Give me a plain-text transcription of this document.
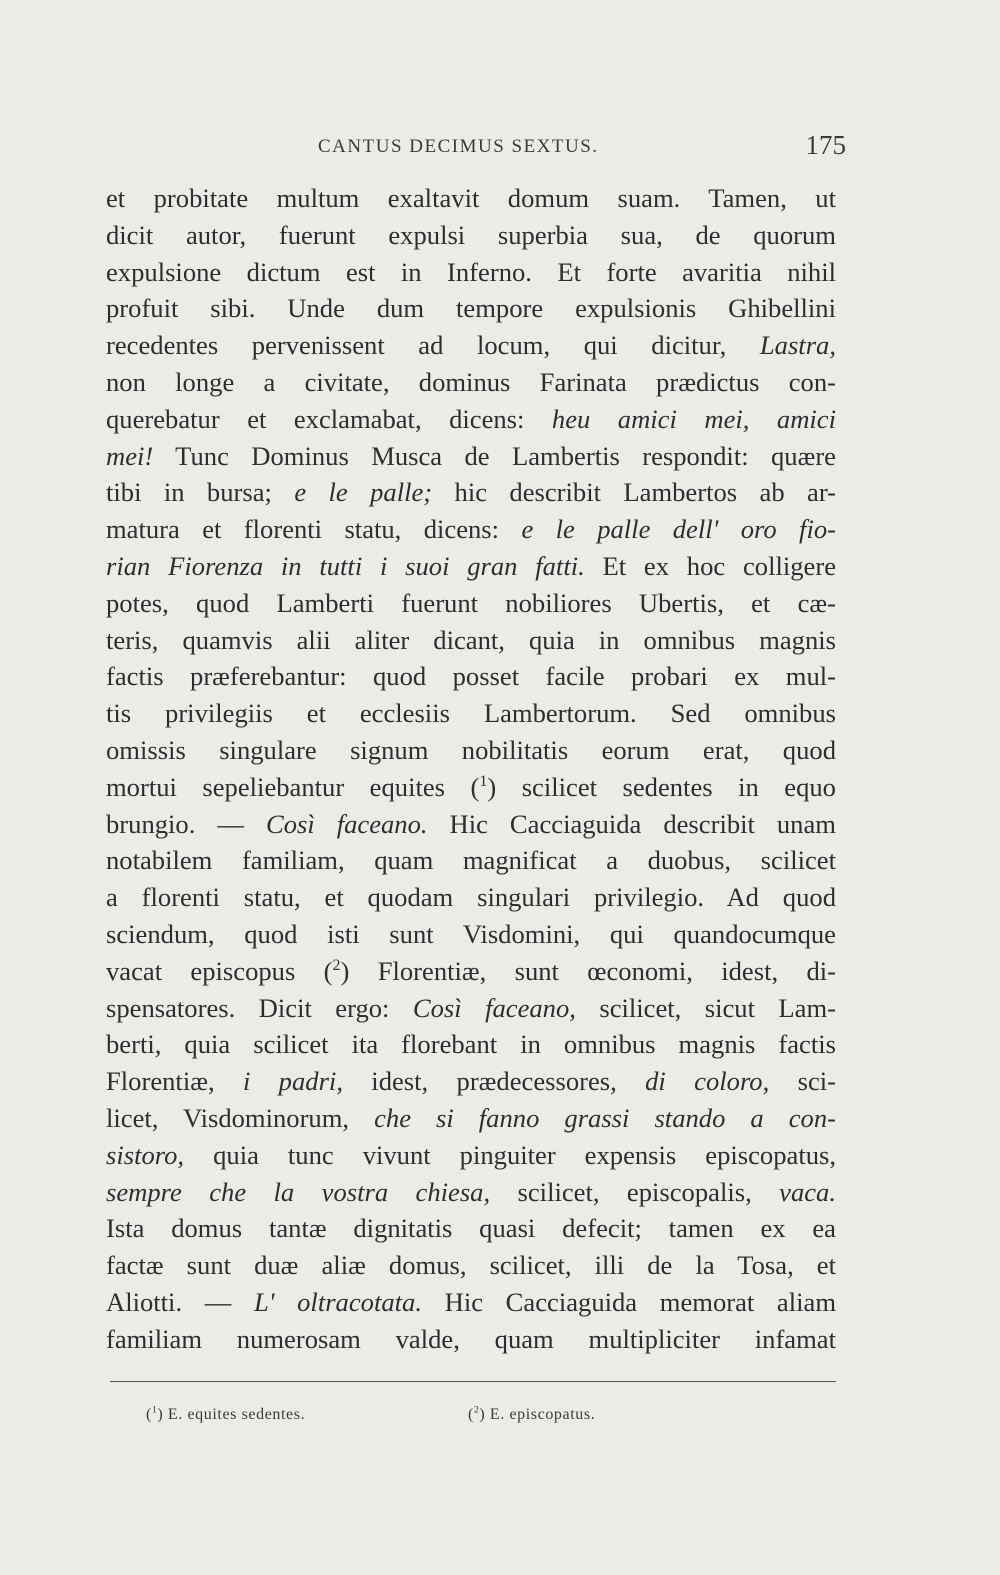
CANTUS DECIMUS SEXTUS.	175
et probitate multum exaltavit domum suam. Tamen, ut
dicit autor, fuerunt expulsi superbia sua, de quorum
expulsione dictum est in Inferno. Et forte avaritia nihil
profuit sibi. Unde dum tempore expulsionis Ghibellini
recedentes pervenissent ad locum, qui dicitur, Lastra,
non longe a civitate, dominus Farinata prædictus con-
querebatur et exclamabat, dicens: heu amici mei, amici
mei! Tunc Dominus Musca de Lambertis respondit: quære
tibi in bursa; e le palle; hic describit Lambertos ab ar-
matura et florenti statu, dicens: e le palle dell' oro fio-
rian Fiorenza in tutti i suoi gran fatti. Et ex hoc colligere
potes, quod Lamberti fuerunt nobiliores Ubertis, et cæ-
teris, quamvis alii aliter dicant, quia in omnibus magnis
factis præferebantur: quod posset facile probari ex mul-
tis privilegiis et ecclesiis Lambertorum. Sed omnibus
omissis singulare signum nobilitatis eorum erat, quod
mortui sepeliebantur equites ($^1$) scilicet sedentes in equo
brungio. — Così faceano. Hic Cacciaguida describit unam
notabilem familiam, quam magnificat a duobus, scilicet
a florenti statu, et quodam singulari privilegio. Ad quod
sciendum, quod isti sunt Visdomini, qui quandocumque
vacat episcopus ($^2$) Florentiæ, sunt œconomi, idest, di-
spensatores. Dicit ergo: Così faceano, scilicet, sicut Lam-
berti, quia scilicet ita florebant in omnibus magnis factis
Florentiæ, i padri, idest, prædecessores, di coloro, sci-
licet, Visdominorum, che si fanno grassi stando a con-
sistoro, quia tunc vivunt pinguiter expensis episcopatus,
sempre che la vostra chiesa, scilicet, episcopalis, vaca.
Ista domus tantæ dignitatis quasi defecit; tamen ex ea
factæ sunt duæ aliæ domus, scilicet, illi de la Tosa, et
Aliotti. — L' oltracotata. Hic Cacciaguida memorat aliam
familiam numerosam valde, quam multipliciter infamat
($^1$) E. equites sedentes.	($^2$) E. episcopatus.
